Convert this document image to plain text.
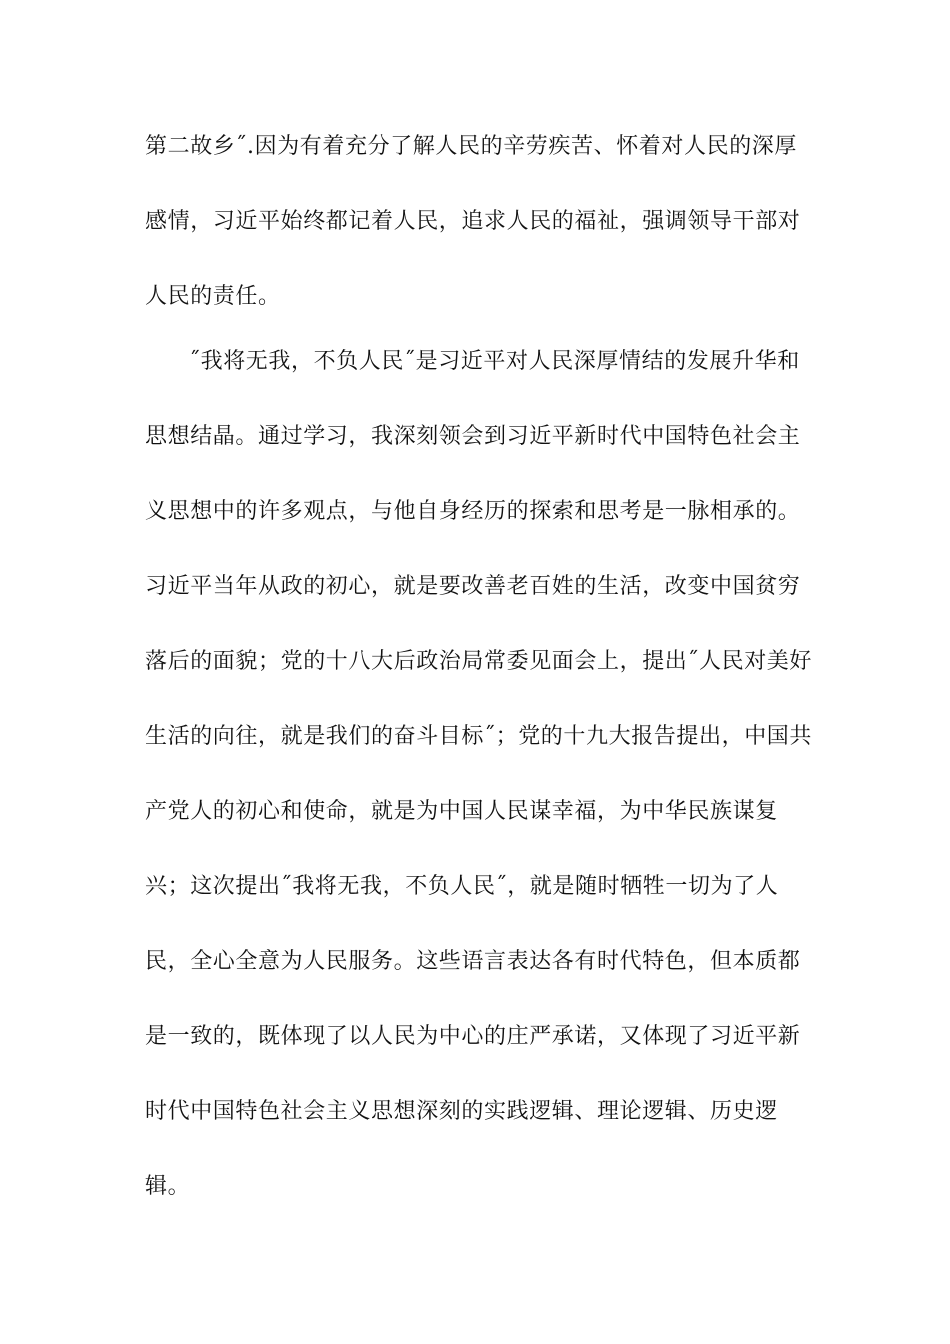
第二故乡˝.因为有着充分了解人民的辛劳疾苦、怀着对人民的深厚
感情，习近平始终都记着人民，追求人民的福祉，强调领导干部对
人民的责任。
˝我将无我，不负人民˝是习近平对人民深厚情结的发展升华和
思想结晶。通过学习，我深刻领会到习近平新时代中国特色社会主
义思想中的许多观点，与他自身经历的探索和思考是一脉相承的。
习近平当年从政的初心，就是要改善老百姓的生活，改变中国贫穷
落后的面貌；党的十八大后政治局常委见面会上，提出˝人民对美好
生活的向往，就是我们的奋斗目标˝；党的十九大报告提出，中国共
产党人的初心和使命，就是为中国人民谋幸福，为中华民族谋复
兴；这次提出˝我将无我，不负人民˝，就是随时牺牲一切为了人
民，全心全意为人民服务。这些语言表达各有时代特色，但本质都
是一致的，既体现了以人民为中心的庄严承诺，又体现了习近平新
时代中国特色社会主义思想深刻的实践逻辑、理论逻辑、历史逻
辑。
